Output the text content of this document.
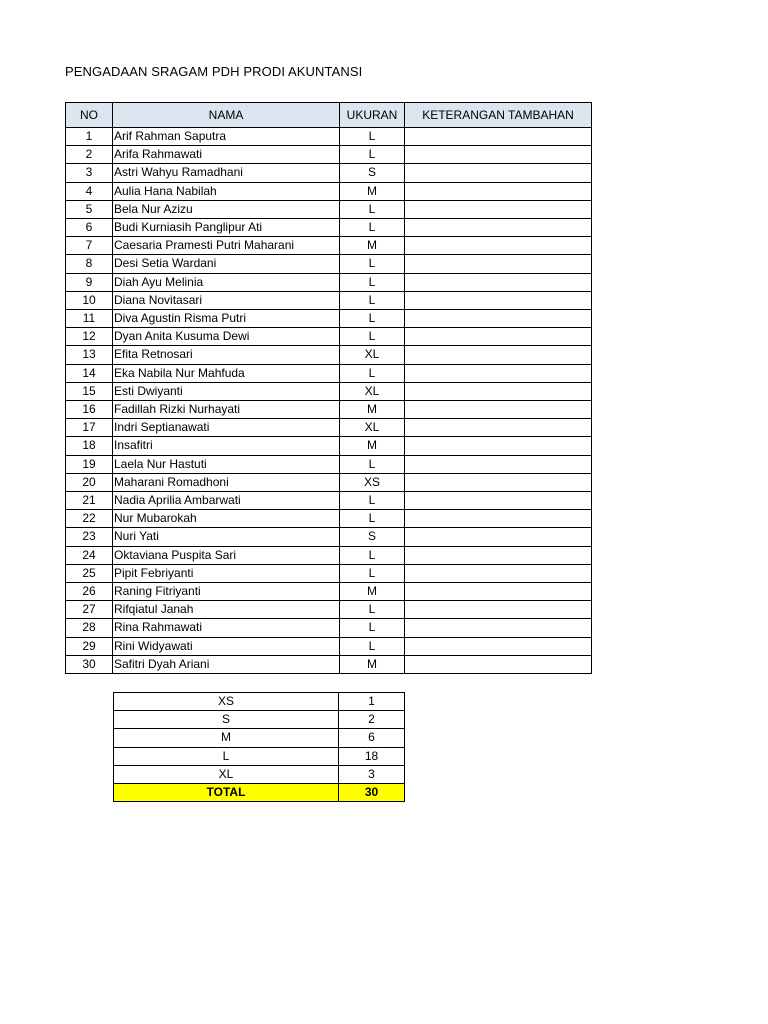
PENGADAAN SRAGAM PDH PRODI AKUNTANSI
NO	NAMA	UKURAN	KETERANGAN TAMBAHAN
1	Arif Rahman Saputra	L	
2	Arifa Rahmawati	L	
3	Astri Wahyu Ramadhani	S	
4	Aulia Hana Nabilah	M	
5	Bela Nur Azizu	L	
6	Budi Kurniasih Panglipur Ati	L	
7	Caesaria Pramesti Putri Maharani	M	
8	Desi Setia Wardani	L	
9	Diah Ayu Melinia	L	
10	Diana Novitasari	L	
11	Diva Agustin Risma Putri	L	
12	Dyan Anita Kusuma Dewi	L	
13	Efita Retnosari	XL	
14	Eka Nabila Nur Mahfuda	L	
15	Esti Dwiyanti	XL	
16	Fadillah Rizki Nurhayati	M	
17	Indri Septianawati	XL	
18	Insafitri	M	
19	Laela Nur Hastuti	L	
20	Maharani Romadhoni	XS	
21	Nadia Aprilia Ambarwati	L	
22	Nur Mubarokah	L	
23	Nuri Yati	S	
24	Oktaviana Puspita Sari	L	
25	Pipit Febriyanti	L	
26	Raning Fitriyanti	M	
27	Rifqiatul Janah	L	
28	Rina Rahmawati	L	
29	Rini Widyawati	L	
30	Safitri Dyah Ariani	M	
XS	1
S	2
M	6
L	18
XL	3
TOTAL	30
